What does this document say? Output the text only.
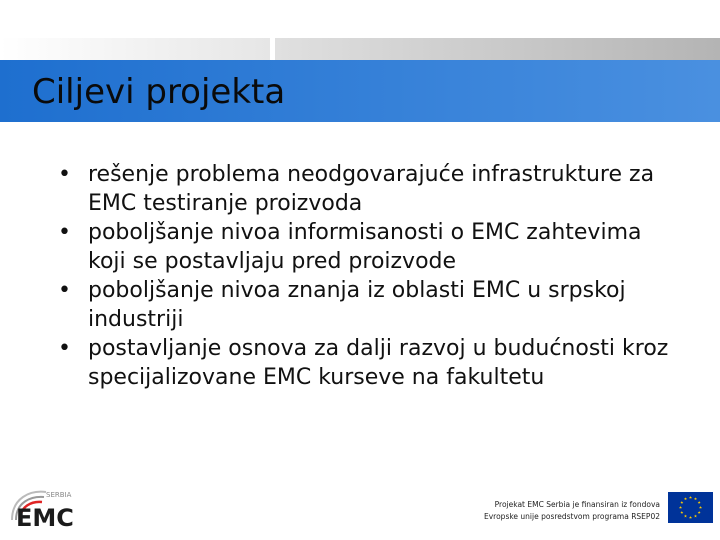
Ciljevi projekta
• rešenje problema neodgovarajuće infrastrukture za EMC testiranje proizvoda
• poboljšanje nivoa informisanosti o EMC zahtevima koji se postavljaju pred proizvode
• poboljšanje nivoa znanja iz oblasti EMC u srpskoj industriji
• postavljanje osnova za dalji razvoj u budućnosti kroz specijalizovane EMC kurseve na fakultetu
SERBIA
EMC	Projekat EMC Serbia je finansiran iz fondova
Evropske unije posredstvom programa RSEP02
